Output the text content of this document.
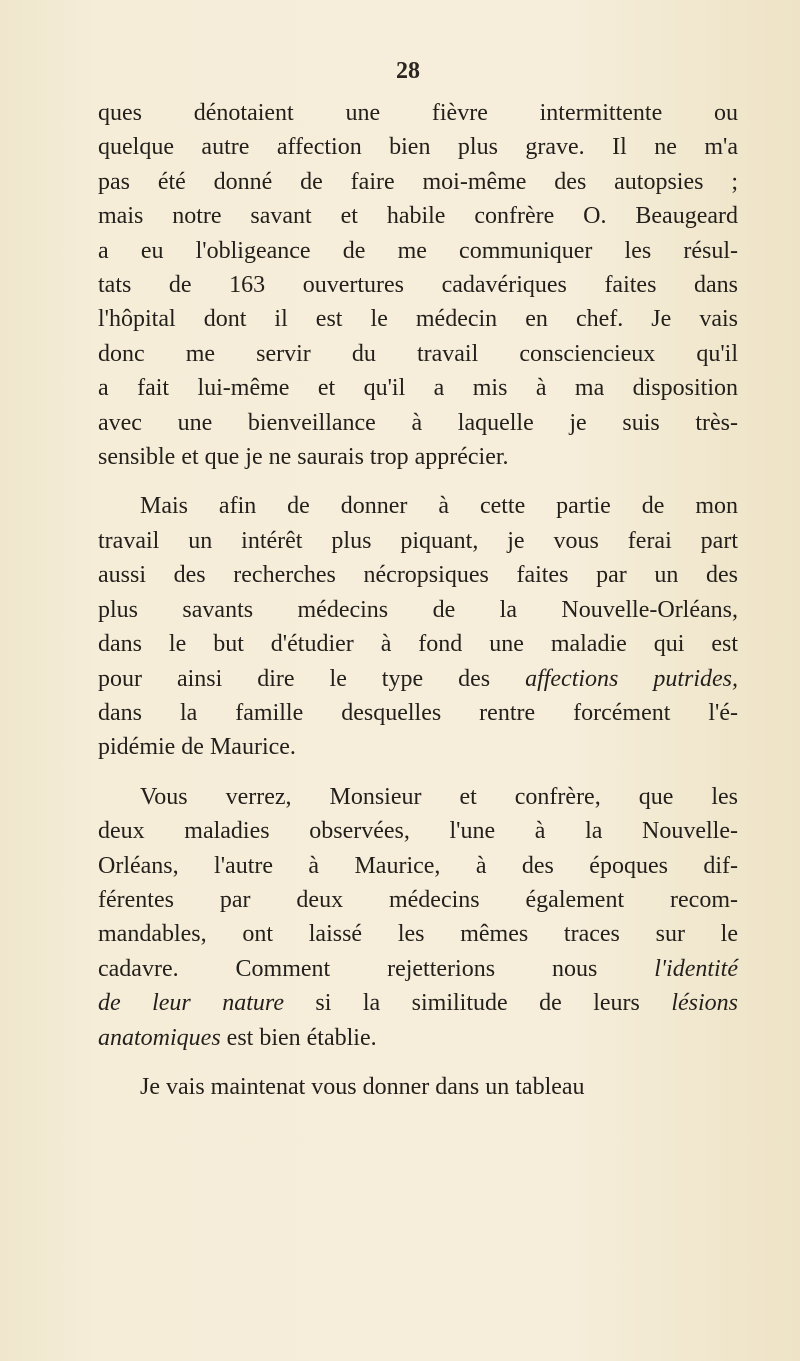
28
ques dénotaient une fièvre intermittente ou
quelque autre affection bien plus grave. Il ne m'a
pas été donné de faire moi-même des autopsies ;
mais notre savant et habile confrère O. Beaugeard
a eu l'obligeance de me communiquer les résul-
tats de 163 ouvertures cadavériques faites dans
l'hôpital dont il est le médecin en chef. Je vais
donc me servir du travail consciencieux qu'il
a fait lui-même et qu'il a mis à ma disposition
avec une bienveillance à laquelle je suis très-
sensible et que je ne saurais trop apprécier.
Mais afin de donner à cette partie de mon
travail un intérêt plus piquant, je vous ferai part
aussi des recherches nécropsiques faites par un des
plus savants médecins de la Nouvelle-Orléans,
dans le but d'étudier à fond une maladie qui est
pour ainsi dire le type des affections putrides,
dans la famille desquelles rentre forcément l'é-
pidémie de Maurice.
Vous verrez, Monsieur et confrère, que les
deux maladies observées, l'une à la Nouvelle-
Orléans, l'autre à Maurice, à des époques dif-
férentes par deux médecins également recom-
mandables, ont laissé les mêmes traces sur le
cadavre. Comment rejetterions nous l'identité
de leur nature si la similitude de leurs lésions
anatomiques est bien établie.
Je vais maintenat vous donner dans un tableau
